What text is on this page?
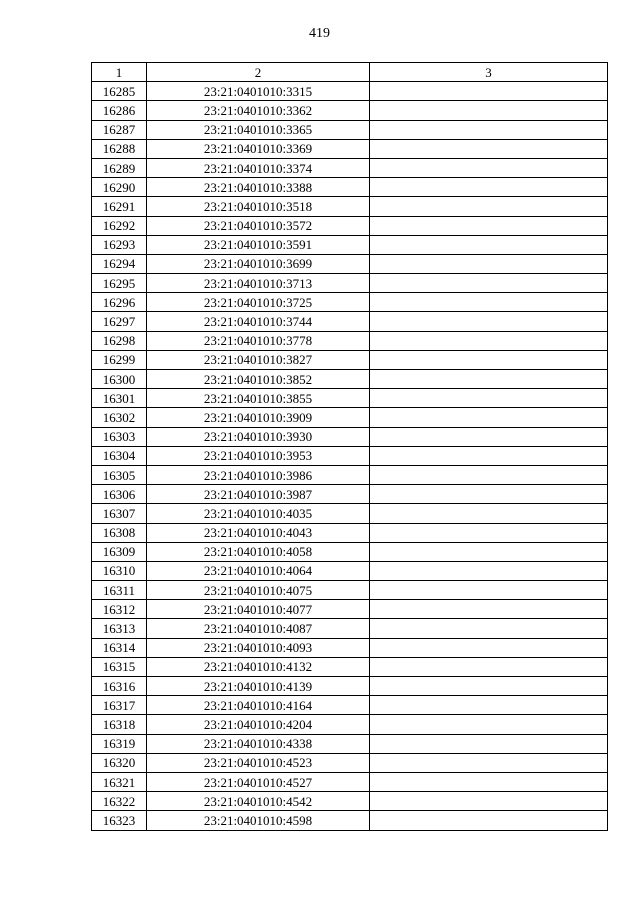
419
1	2	3
16285	23:21:0401010:3315	
16286	23:21:0401010:3362	
16287	23:21:0401010:3365	
16288	23:21:0401010:3369	
16289	23:21:0401010:3374	
16290	23:21:0401010:3388	
16291	23:21:0401010:3518	
16292	23:21:0401010:3572	
16293	23:21:0401010:3591	
16294	23:21:0401010:3699	
16295	23:21:0401010:3713	
16296	23:21:0401010:3725	
16297	23:21:0401010:3744	
16298	23:21:0401010:3778	
16299	23:21:0401010:3827	
16300	23:21:0401010:3852	
16301	23:21:0401010:3855	
16302	23:21:0401010:3909	
16303	23:21:0401010:3930	
16304	23:21:0401010:3953	
16305	23:21:0401010:3986	
16306	23:21:0401010:3987	
16307	23:21:0401010:4035	
16308	23:21:0401010:4043	
16309	23:21:0401010:4058	
16310	23:21:0401010:4064	
16311	23:21:0401010:4075	
16312	23:21:0401010:4077	
16313	23:21:0401010:4087	
16314	23:21:0401010:4093	
16315	23:21:0401010:4132	
16316	23:21:0401010:4139	
16317	23:21:0401010:4164	
16318	23:21:0401010:4204	
16319	23:21:0401010:4338	
16320	23:21:0401010:4523	
16321	23:21:0401010:4527	
16322	23:21:0401010:4542	
16323	23:21:0401010:4598	
